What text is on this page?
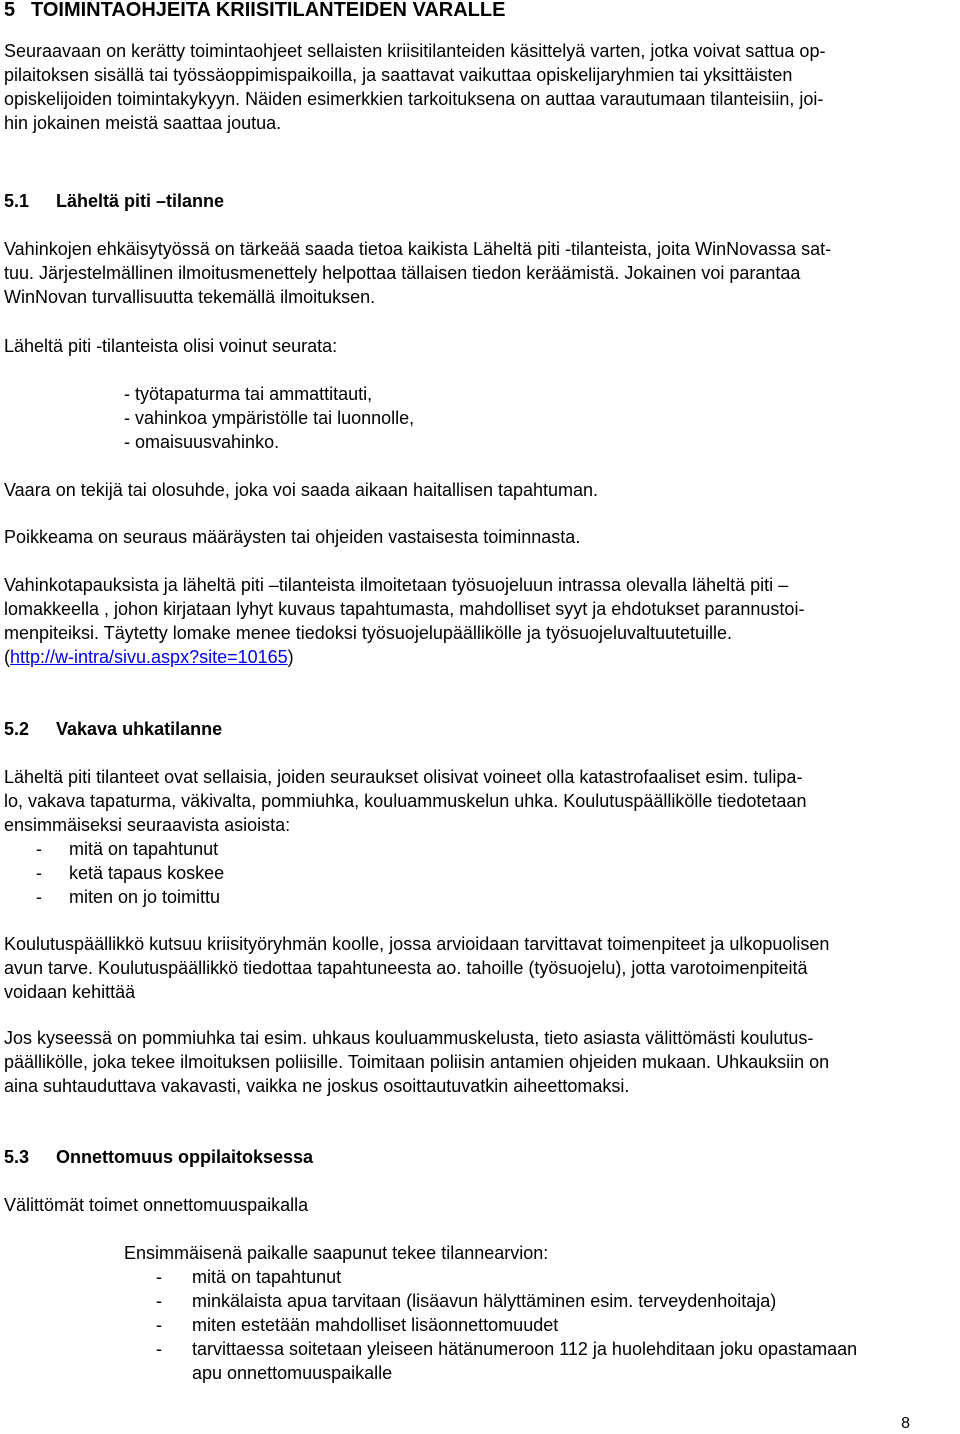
5 TOIMINTAOHJEITA KRIISITILANTEIDEN VARALLE
Seuraavaan on kerätty toimintaohjeet sellaisten kriisitilanteiden käsittelyä varten, jotka voivat sattua op-
pilaitoksen sisällä tai työssäoppimispaikoilla, ja saattavat vaikuttaa opiskelijaryhmien tai yksittäisten
opiskelijoiden toimintakykyyn. Näiden esimerkkien tarkoituksena on auttaa varautumaan tilanteisiin, joi-
hin jokainen meistä saattaa joutua.
5.1 Läheltä piti –tilanne
Vahinkojen ehkäisytyössä on tärkeää saada tietoa kaikista Läheltä piti -tilanteista, joita WinNovassa sat-
tuu. Järjestelmällinen ilmoitusmenettely helpottaa tällaisen tiedon keräämistä. Jokainen voi parantaa
WinNovan turvallisuutta tekemällä ilmoituksen.
Läheltä piti -tilanteista olisi voinut seurata:
- työtapaturma tai ammattitauti,
- vahinkoa ympäristölle tai luonnolle,
- omaisuusvahinko.
Vaara on tekijä tai olosuhde, joka voi saada aikaan haitallisen tapahtuman.
Poikkeama on seuraus määräysten tai ohjeiden vastaisesta toiminnasta.
Vahinkotapauksista ja läheltä piti –tilanteista ilmoitetaan työsuojeluun intrassa olevalla läheltä piti –
lomakkeella , johon kirjataan lyhyt kuvaus tapahtumasta, mahdolliset syyt ja ehdotukset parannustoi-
menpiteiksi. Täytetty lomake menee tiedoksi työsuojelupäällikölle ja työsuojeluvaltuutetuille.
(http://w-intra/sivu.aspx?site=10165)
5.2 Vakava uhkatilanne
Läheltä piti tilanteet ovat sellaisia, joiden seuraukset olisivat voineet olla katastrofaaliset esim. tulipa-
lo, vakava tapaturma, väkivalta, pommiuhka, kouluammuskelun uhka. Koulutuspäällikölle tiedotetaan
ensimmäiseksi seuraavista asioista:
- mitä on tapahtunut
- ketä tapaus koskee
- miten on jo toimittu
Koulutuspäällikkö kutsuu kriisityöryhmän koolle, jossa arvioidaan tarvittavat toimenpiteet ja ulkopuolisen
avun tarve. Koulutuspäällikkö tiedottaa tapahtuneesta ao. tahoille (työsuojelu), jotta varotoimenpiteitä
voidaan kehittää
Jos kyseessä on pommiuhka tai esim. uhkaus kouluammuskelusta, tieto asiasta välittömästi koulutus-
päällikölle, joka tekee ilmoituksen poliisille. Toimitaan poliisin antamien ohjeiden mukaan. Uhkauksiin on
aina suhtauduttava vakavasti, vaikka ne joskus osoittautuvatkin aiheettomaksi.
5.3 Onnettomuus oppilaitoksessa
Välittömät toimet onnettomuuspaikalla
Ensimmäisenä paikalle saapunut tekee tilannearvion:
- mitä on tapahtunut
- minkälaista apua tarvitaan (lisäavun hälyttäminen esim. terveydenhoitaja)
- miten estetään mahdolliset lisäonnettomuudet
- tarvittaessa soitetaan yleiseen hätänumeroon 112 ja huolehditaan joku opastamaan
apu onnettomuuspaikalle
8
